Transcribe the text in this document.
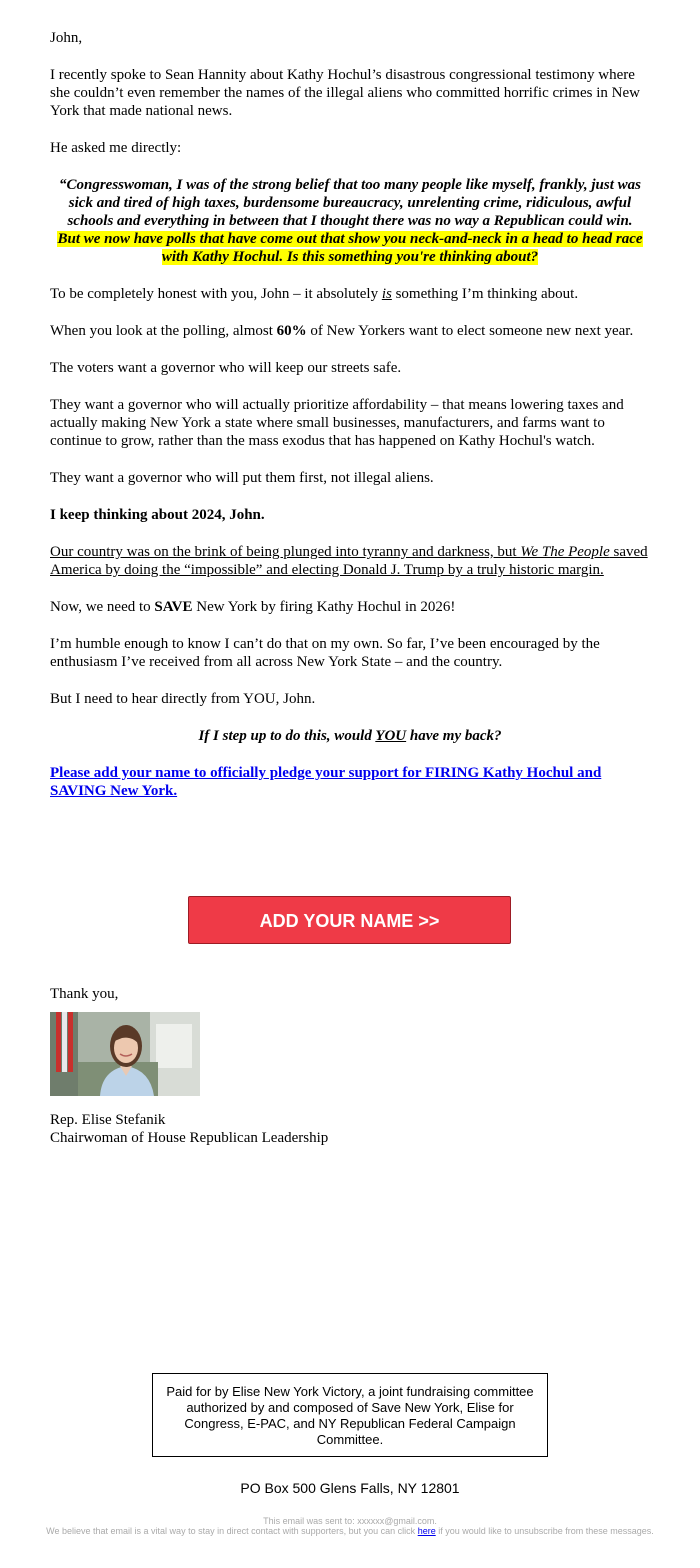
John,

I recently spoke to Sean Hannity about Kathy Hochul’s disastrous congressional testimony where she couldn’t even remember the names of the illegal aliens who committed horrific crimes in New York that made national news.

He asked me directly:

“Congresswoman, I was of the strong belief that too many people like myself, frankly, just was sick and tired of high taxes, burdensome bureaucracy, unrelenting crime, ridiculous, awful schools and everything in between that I thought there was no way a Republican could win. But we now have polls that have come out that show you neck-and-neck in a head to head race with Kathy Hochul. Is this something you're thinking about?

To be completely honest with you, John – it absolutely is something I’m thinking about.

When you look at the polling, almost 60% of New Yorkers want to elect someone new next year.

The voters want a governor who will keep our streets safe.

They want a governor who will actually prioritize affordability – that means lowering taxes and actually making New York a state where small businesses, manufacturers, and farms want to continue to grow, rather than the mass exodus that has happened on Kathy Hochul's watch.

They want a governor who will put them first, not illegal aliens.

I keep thinking about 2024, John.

Our country was on the brink of being plunged into tyranny and darkness, but We The People saved America by doing the “impossible” and electing Donald J. Trump by a truly historic margin.

Now, we need to SAVE New York by firing Kathy Hochul in 2026!

I’m humble enough to know I can’t do that on my own. So far, I’ve been encouraged by the enthusiasm I’ve received from all across New York State – and the country.

But I need to hear directly from YOU, John.

If I step up to do this, would YOU have my back?

Please add your name to officially pledge your support for FIRING Kathy Hochul and SAVING New York.

ADD YOUR NAME >>

Thank you,

Rep. Elise Stefanik
Chairwoman of House Republican Leadership
Paid for by Elise New York Victory, a joint fundraising committee authorized by and composed of Save New York, Elise for Congress, E-PAC, and NY Republican Federal Campaign Committee.
PO Box 500 Glens Falls, NY 12801
This email was sent to: xxxxxx@gmail.com.
We believe that email is a vital way to stay in direct contact with supporters, but you can click here if you would like to unsubscribe from these messages.
